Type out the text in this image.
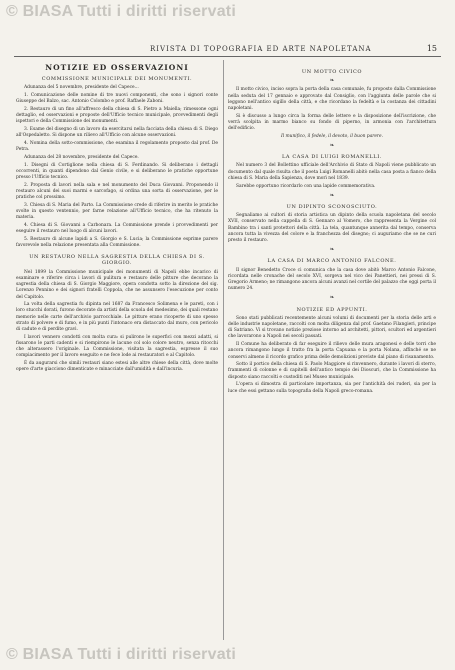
© BIASA Tutti i diritti riservati
RIVISTA DI TOPOGRAFIA ED ARTE NAPOLETANA	15
NOTIZIE ED OSSERVAZIONI
COMMISSIONE MUNICIPALE DEI MONUMENTI.

Adunanza del 5 novembre, presidente del Capece...

1. Comunicazione delle nomine di tre nuovi componenti, che sono i signori conte Giuseppe del Balzo, sac. Antonio Colombo e prof. Raffaele Zaboni.

2. Restauro di un fino all'affresco della chiesa di S. Pietro a Maiella; rimessone ogni dettaglio, ed osservazioni e proposte dell'Ufficio tecnico municipale, provvedimenti degli ispettori e della Commissione dei monumenti.

3. Esame del disegno di un lavoro da esercitarsi nella facciata della chiesa di S. Diego all'Ospedaletto. Si dispone un rilievo all'Ufficio con alcune osservazioni.

4. Nomina della sotto-commissione, che esamina il regolamento proposto dal prof. De Petra.

Adunanza del 28 novembre, presidente del Capece.

1. Disegni di Cortiglione nella chiesa di S. Ferdinando. Si deliberano i dettagli occorrenti, in quanti dipendono dal Genio civile, e si deliberano le pratiche opportune presso l'Ufficio tecnico.

2. Proposta di lavori nella sala e nel monumento del Duca Giovanni. Proponendo il restauro alcuni dei suoi marmi e sarcofago, si ordina una sorta di osservazione, per le pratiche col prossimo.

3. Chiesa di S. Maria del Parto. La Commissione crede di riferire in merito le pratiche svolte in questo ventennio, per farne relazione all'Ufficio tecnico, che ha ritenuto la materia.

4. Chiesa di S. Giovanni a Carbonara. La Commissione prende i provvedimenti per eseguire il restauro nel luogo di alcuni lavori.

5. Restauro di alcune lapidi a S. Giorgio e S. Lucia; la Commissione esprime parere favorevole nella relazione presentata alla Commissione.

UN RESTAURO NELLA SAGRESTIA DELLA CHIESA DI S. GIORGIO.

Nel 1899 la Commissione municipale dei monumenti di Napoli ebbe incarico di esaminare e riferire circa i lavori di pulitura e restauro delle pitture che decorano la sagrestia della chiesa di S. Giorgio Maggiore, opera condotta sotto la direzione del sig. Lorenzo Pennino e dei signori fratelli Coppola, che ne assunsero l'esecuzione per conto del Capitolo.

La volta della sagrestia fu dipinta nel 1687 da Francesco Solimena e le pareti, con i loro stucchi dorati, furono decorate da artisti della scuola del medesimo, dei quali restano memorie nelle carte dell'archivio parrocchiale. Le pitture erano ricoperte di uno spesso strato di polvere e di fumo, e in più punti l'intonaco era distaccato dal muro, con pericolo di cadute e di perdite gravi.

I lavori vennero condotti con molta cura: si pulirono le superfici con mezzi adatti, si fissarono le parti cadenti e si riempirono le lacune col solo colore neutro, senza ritocchi che alterassero l'originale. La Commissione, visitata la sagrestia, espresse il suo compiacimento per il lavoro eseguito e ne fece lode ai restauratori e al Capitolo.

È da augurarsi che simili restauri siano estesi alle altre chiese della città, dove molte opere d'arte giacciono dimenticate e minacciate dall'umidità e dall'incuria.

UN MOTTO CIVICO
❧

Il motto civico, inciso sopra la porta della casa comunale, fu proposto dalla Commissione nella seduta del 17 gennaio e approvato dal Consiglio, con l'aggiunta delle parole che si leggono nell'antico sigillo della città, e che ricordano la fedeltà e la costanza dei cittadini napoletani.

Si è discusso a lungo circa la forma delle lettere e la disposizione dell'iscrizione, che verrà scolpita in marmo bianco su fondo di piperno, in armonia con l'architettura dell'edificio.

Il munifico, il fedele, il devoto, il buon parere.

❧
LA CASA DI LUIGI ROMANELLI.

Nel numero 3 del Bollettino ufficiale dell'Archivio di Stato di Napoli viene pubblicato un documento dal quale risulta che il poeta Luigi Romanelli abitò nella casa posta a fianco della chiesa di S. Maria della Sapienza, dove morì nel 1839.

Sarebbe opportuno ricordarlo con una lapide commemorativa.

❧
UN DIPINTO SCONOSCIUTO.

Segnaliamo ai cultori di storia artistica un dipinto della scuola napoletana del secolo XVII, conservato nella cappella di S. Gennaro al Vomero, che rappresenta la Vergine col Bambino tra i santi protettori della città. La tela, quantunque annerita dal tempo, conserva ancora tutta la vivezza del colore e la franchezza del disegno; ci auguriamo che se ne curi presto il restauro.

❧
LA CASA DI MARCO ANTONIO FALCONE.

Il signor Benedetto Croce ci comunica che la casa dove abitò Marco Antonio Falcone, ricordata nelle cronache del secolo XVI, sorgeva nel vico dei Panettieri, nei pressi di S. Gregorio Armeno; ne rimangono ancora alcuni avanzi nel cortile del palazzo che oggi porta il numero 24.

❧
NOTIZIE ED APPUNTI.

Sono stati pubblicati recentemente alcuni volumi di documenti per la storia delle arti e delle industrie napoletane, raccolti con molta diligenza dal prof. Gaetano Filangieri, principe di Satriano. Vi si trovano notizie preziose intorno ad architetti, pittori, scultori ed argentieri che lavorarono a Napoli nei secoli passati.

Il Comune ha deliberato di far eseguire il rilievo delle mura aragonesi e delle torri che ancora rimangono lungo il tratto fra la porta Capuana e la porta Nolana, affinché se ne conservi almeno il ricordo grafico prima delle demolizioni previste dal piano di risanamento.

Sotto il portico della chiesa di S. Paolo Maggiore si rinvennero, durante i lavori di sterro, frammenti di colonne e di capitelli dell'antico tempio dei Dioscuri, che la Commissione ha disposto siano raccolti e custoditi nel Museo municipale.

L'opera si dimostra di particolare importanza, sia per l'antichità dei ruderi, sia per la luce che essi gettano sulla topografia della Napoli greco-romana.

© BIASA Tutti i diritti riservati
